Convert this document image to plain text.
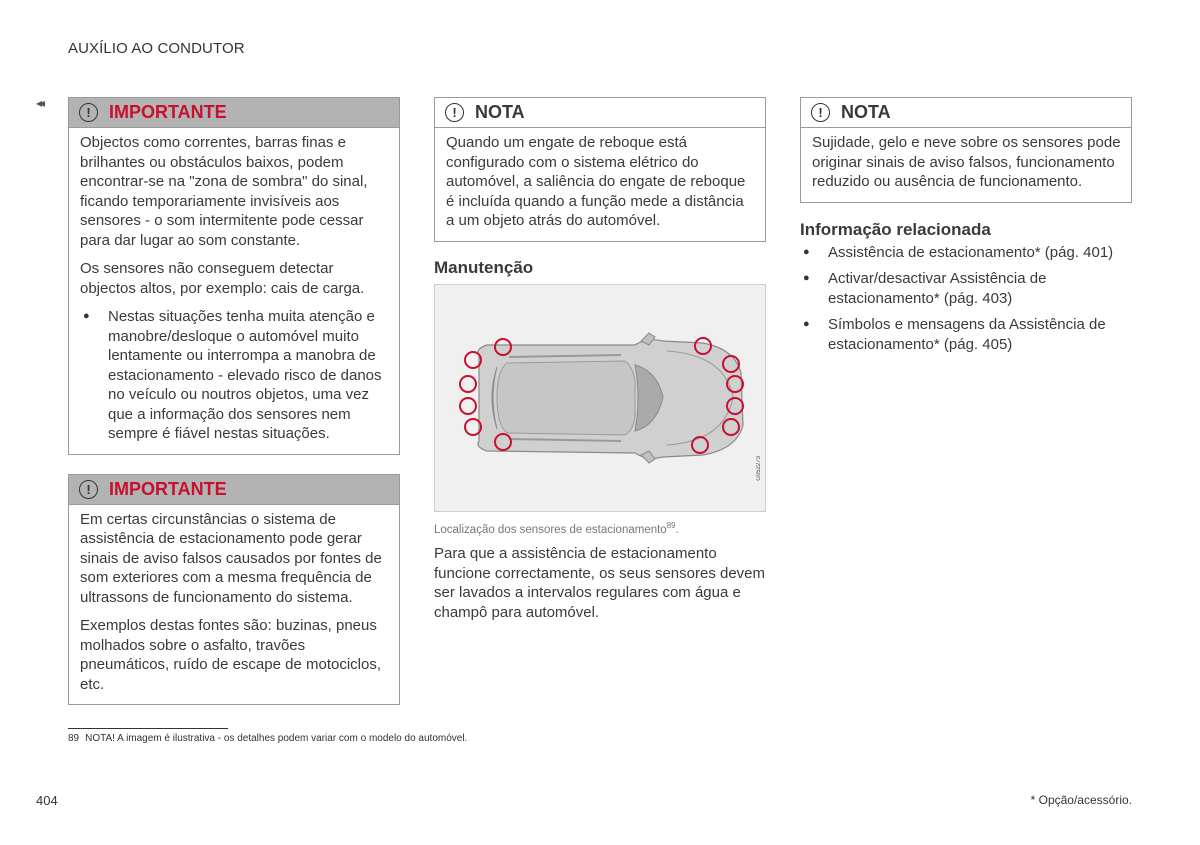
AUXÍLIO AO CONDUTOR
◂◂
!	IMPORTANTE

Objectos como correntes, barras finas e brilhantes ou obstáculos baixos, podem encontrar-se na "zona de sombra" do sinal, ficando temporariamente invisíveis aos sensores - o som intermitente pode cessar para dar lugar ao som constante.

Os sensores não conseguem detectar objectos altos, por exemplo: cais de carga.

● Nestas situações tenha muita atenção e manobre/desloque o automóvel muito lentamente ou interrompa a manobra de estacionamento - elevado risco de danos no veículo ou noutros objetos, uma vez que a informação dos sensores nem sempre é fiável nestas situações.
!	IMPORTANTE

Em certas circunstâncias o sistema de assistência de estacionamento pode gerar sinais de aviso falsos causados por fontes de som exteriores com a mesma frequência de ultrassons de funcionamento do sistema.

Exemplos destas fontes são: buzinas, pneus molhados sobre o asfalto, travões pneumáticos, ruído de escape de motociclos, etc.

!	NOTA

Quando um engate de reboque está configurado com o sistema elétrico do automóvel, a saliência do engate de reboque é incluída quando a função mede a distância a um objeto atrás do automóvel.

Manutenção
G052273
Localização dos sensores de estacionamento$^{89}$.

Para que a assistência de estacionamento funcione correctamente, os seus sensores devem ser lavados a intervalos regulares com água e champô para automóvel.

!	NOTA

Sujidade, gelo e neve sobre os sensores pode originar sinais de aviso falsos, funcionamento reduzido ou ausência de funcionamento.

Informação relacionada
● Assistência de estacionamento* (pág. 401)
● Activar/desactivar Assistência de estacionamento* (pág. 403)
● Símbolos e mensagens da Assistência de estacionamento* (pág. 405)
89 NOTA! A imagem é ilustrativa - os detalhes podem variar com o modelo do automóvel.
404	* Opção/acessório.
